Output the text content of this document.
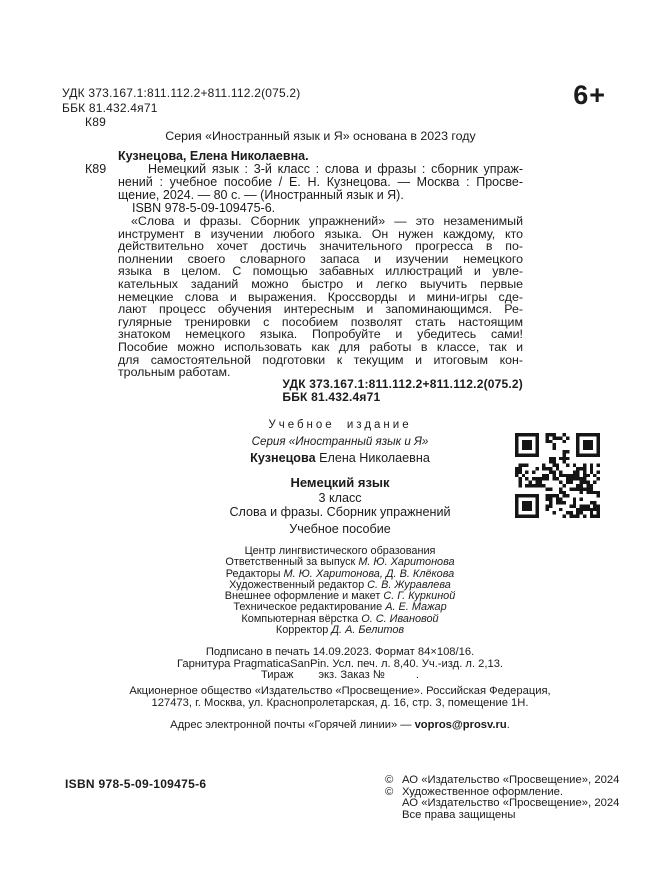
УДК 373.167.1:811.112.2+811.112.2(075.2)
ББК 81.432.4я71
К89
6+
Серия «Иностранный язык и Я» основана в 2023 году
Кузнецова, Елена Николаевна.
К89	Немецкий язык : 3-й класс : слова и фразы : сборник упраж-
нений : учебное пособие / Е. Н. Кузнецова. — Москва : Просве-
щение, 2024. — 80 с. — (Иностранный язык и Я).
ISBN 978-5-09-109475-6.
«Слова и фразы. Сборник упражнений» — это незаменимый
инструмент в изучении любого языка. Он нужен каждому, кто
действительно хочет достичь значительного прогресса в по-
полнении своего словарного запаса и изучении немецкого
языка в целом. С помощью забавных иллюстраций и увле-
кательных заданий можно быстро и легко выучить первые
немецкие слова и выражения. Кроссворды и мини-игры сде-
лают процесс обучения интересным и запоминающимся. Ре-
гулярные тренировки с пособием позволят стать настоящим
знатоком немецкого языка. Попробуйте и убедитесь сами!
Пособие можно использовать как для работы в классе, так и
для самостоятельной подготовки к текущим и итоговым кон-
трольным работам.
УДК 373.167.1:811.112.2+811.112.2(075.2)
ББК 81.432.4я71
Учебное издание
Серия «Иностранный язык и Я»
Кузнецова Елена Николаевна
Немецкий язык
3 класс
Слова и фразы. Сборник упражнений
Учебное пособие
Центр лингвистического образования
Ответственный за выпуск М. Ю. Харитонова
Редакторы М. Ю. Харитонова, Д. В. Клёкова
Художественный редактор С. В. Журавлева
Внешнее оформление и макет С. Г. Куркиной
Техническое редактирование А. Е. Мажар
Компьютерная вёрстка О. С. Ивановой
Корректор Д. А. Белитов
Подписано в печать 14.09.2023. Формат 84×108/16.
Гарнитура PragmaticaSanPin. Усл. печ. л. 8,40. Уч.-изд. л. 2,13.
Тираж        экз. Заказ №          .
Акционерное общество «Издательство «Просвещение». Российская Федерация,
127473, г. Москва, ул. Краснопролетарская, д. 16, стр. 3, помещение 1Н.
Адрес электронной почты «Горячей линии» — vopros@prosv.ru.
ISBN 978-5-09-109475-6	© АО «Издательство «Просвещение», 2024
© Художественное оформление.
АО «Издательство «Просвещение», 2024
Все права защищены
